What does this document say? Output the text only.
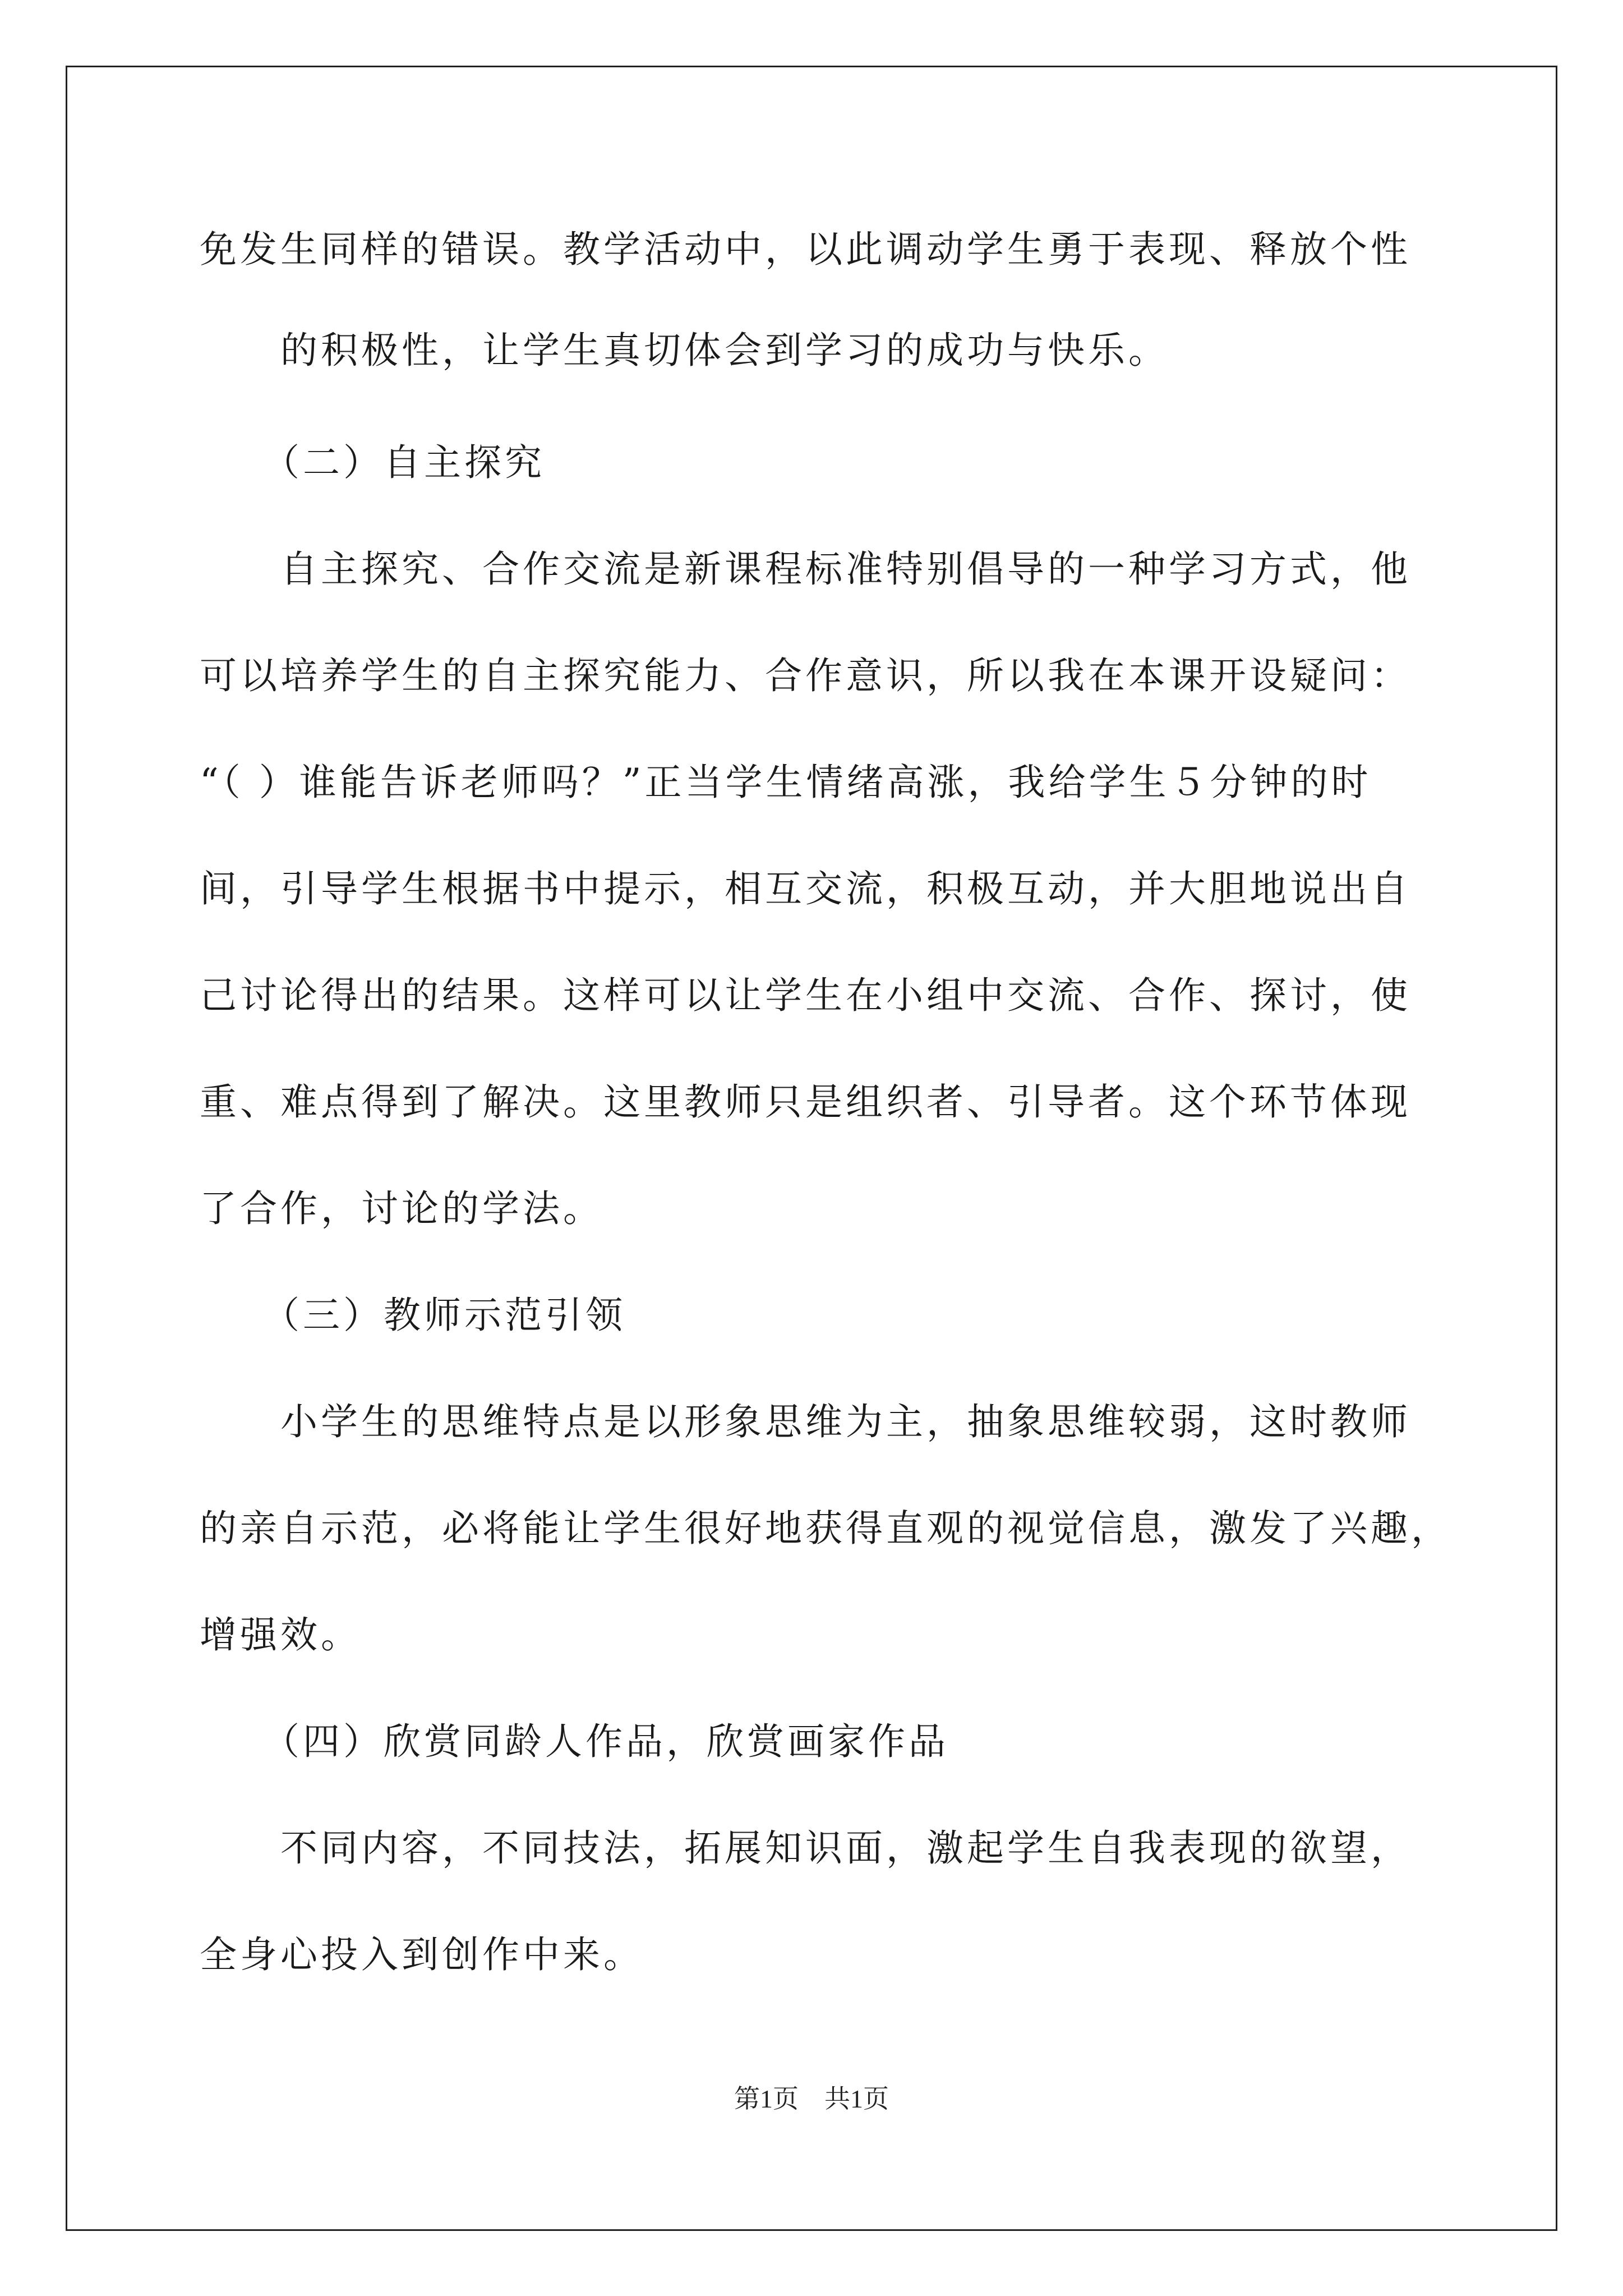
免发生同样的错误。教学活动中，以此调动学生勇于表现、释放个性
的积极性，让学生真切体会到学习的成功与快乐。
（二）自主探究
自主探究、合作交流是新课程标准特别倡导的一种学习方式，他
可以培养学生的自主探究能力、合作意识，所以我在本课开设疑问：
“（ ）谁能告诉老师吗？”正当学生情绪高涨，我给学生５分钟的时
间，引导学生根据书中提示，相互交流，积极互动，并大胆地说出自
己讨论得出的结果。这样可以让学生在小组中交流、合作、探讨，使
重、难点得到了解决。这里教师只是组织者、引导者。这个环节体现
了合作，讨论的学法。
（三）教师示范引领
小学生的思维特点是以形象思维为主，抽象思维较弱，这时教师
的亲自示范，必将能让学生很好地获得直观的视觉信息，激发了兴趣，
增强效。
（四）欣赏同龄人作品，欣赏画家作品
不同内容，不同技法，拓展知识面，激起学生自我表现的欲望，
全身心投入到创作中来。
第1页　共1页
